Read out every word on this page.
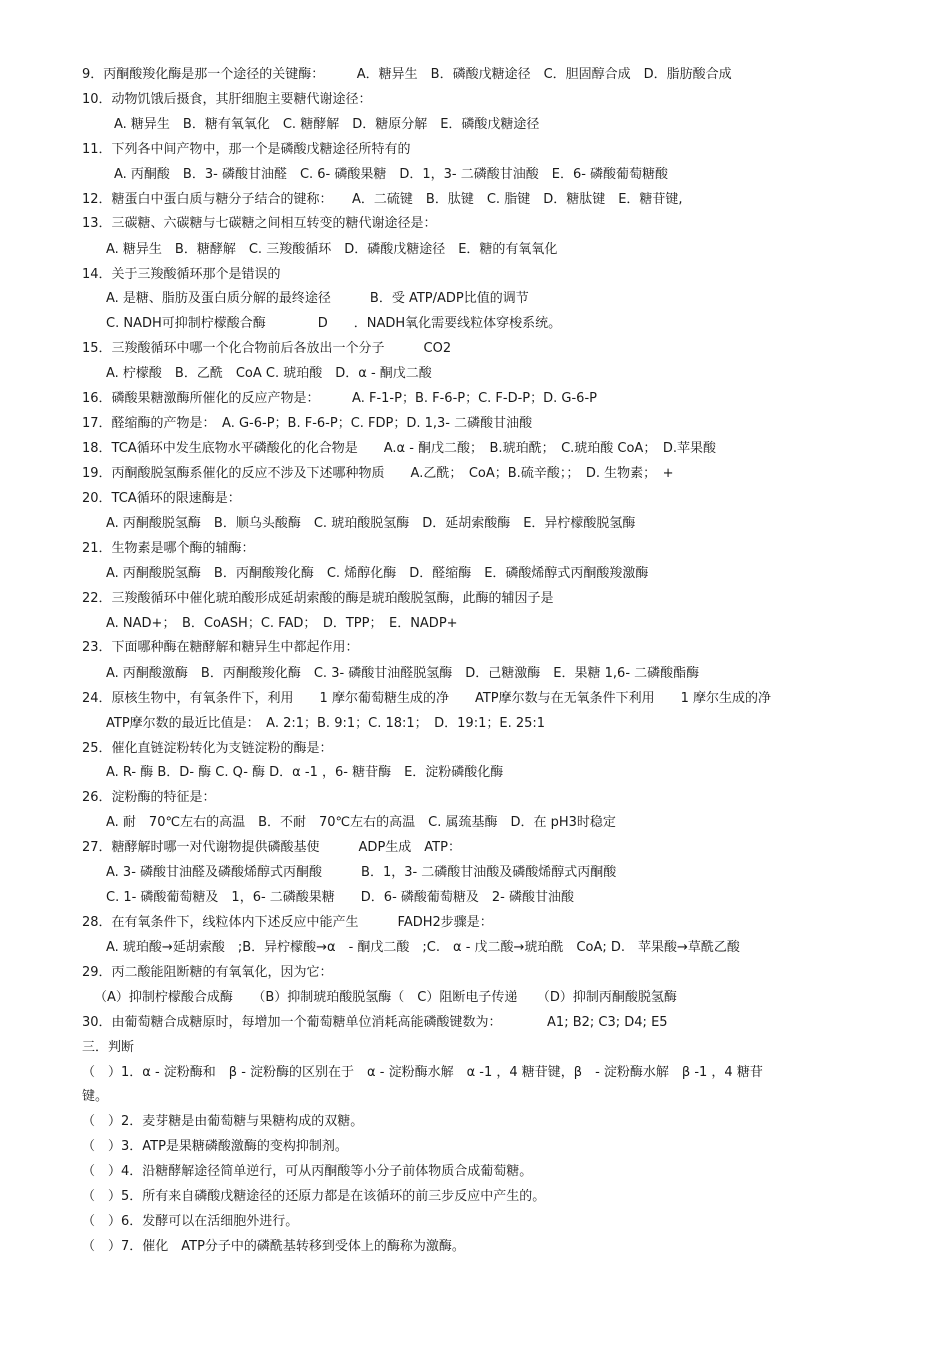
9．丙酮酸羧化酶是那一个途径的关键酶：　　　A．糖异生　B．磷酸戊糖途径　C．胆固醇合成　D．脂肪酸合成
10．动物饥饿后摄食，其肝细胞主要糖代谢途径：
A. 糖异生　B．糖有氧氧化　C. 糖酵解　D．糖原分解　E．磷酸戊糖途径
11．下列各中间产物中，那一个是磷酸戊糖途径所特有的
A. 丙酮酸　B．3- 磷酸甘油醛　C. 6- 磷酸果糖　D．1，3- 二磷酸甘油酸　E．6- 磷酸葡萄糖酸
12．糖蛋白中蛋白质与糖分子结合的键称：　　A．二硫键　B．肽键　C. 脂键　D．糖肽键　E．糖苷键,
13．三碳糖、六碳糖与七碳糖之间相互转变的糖代谢途径是：
A. 糖异生　B．糖酵解　C. 三羧酸循环　D．磷酸戊糖途径　E．糖的有氧氧化
14．关于三羧酸循环那个是错误的
A. 是糖、脂肪及蛋白质分解的最终途径　　　B．受 ATP/ADP比值的调节
C. NADH可抑制柠檬酸合酶　　　　D　　．NADH氧化需要线粒体穿梭系统。
15．三羧酸循环中哪一个化合物前后各放出一个分子　　　CO2
A. 柠檬酸　B．乙酰　CoA C. 琥珀酸　D．α - 酮戊二酸
16．磷酸果糖激酶所催化的反应产物是：　　　A. F-1-P；B. F-6-P；C. F-D-P；D. G-6-P
17．醛缩酶的产物是：　A. G-6-P；B. F-6-P；C. FDP；D. 1,3- 二磷酸甘油酸
18．TCA循环中发生底物水平磷酸化的化合物是　　A.α - 酮戊二酸；　B.琥珀酰；　C.琥珀酸 CoA；　D.苹果酸
19．丙酮酸脱氢酶系催化的反应不涉及下述哪种物质　　A.乙酰；　CoA；B.硫辛酸；；　D. 生物素；　+
20．TCA循环的限速酶是：
A. 丙酮酸脱氢酶　B．顺乌头酸酶　C. 琥珀酸脱氢酶　D．延胡索酸酶　E．异柠檬酸脱氢酶
21．生物素是哪个酶的辅酶：
A. 丙酮酸脱氢酶　B．丙酮酸羧化酶　C. 烯醇化酶　D．醛缩酶　E．磷酸烯醇式丙酮酸羧激酶
22．三羧酸循环中催化琥珀酸形成延胡索酸的酶是琥珀酸脱氢酶，此酶的辅因子是
A. NAD+；　B．CoASH；C. FAD；　D．TPP；　E．NADP+
23．下面哪种酶在糖酵解和糖异生中都起作用：
A. 丙酮酸激酶　B．丙酮酸羧化酶　C. 3- 磷酸甘油醛脱氢酶　D．己糖激酶　E．果糖 1,6- 二磷酸酯酶
24．原核生物中，有氧条件下，利用　　1 摩尔葡萄糖生成的净　　ATP摩尔数与在无氧条件下利用　　1 摩尔生成的净
ATP摩尔数的最近比值是：　A. 2:1；B. 9:1；C. 18:1；　D．19:1；E. 25:1
25．催化直链淀粉转化为支链淀粉的酶是：
A. R- 酶 B．D- 酶 C. Q- 酶 D．α -1 ，6- 糖苷酶　E．淀粉磷酸化酶
26．淀粉酶的特征是：
A. 耐　70℃左右的高温　B．不耐　70℃左右的高温　C. 属巯基酶　D．在 pH3时稳定
27．糖酵解时哪一对代谢物提供磷酸基使　　　ADP生成　ATP：
A. 3- 磷酸甘油醛及磷酸烯醇式丙酮酸　　　B．1，3- 二磷酸甘油酸及磷酸烯醇式丙酮酸
C. 1- 磷酸葡萄糖及　1，6- 二磷酸果糖　　D．6- 磷酸葡萄糖及　2- 磷酸甘油酸
28．在有氧条件下，线粒体内下述反应中能产生　　　FADH2步骤是：
A. 琥珀酸→延胡索酸　;B．异柠檬酸→α　- 酮戊二酸　;C.　α - 戊二酸→琥珀酰　CoA; D.　苹果酸→草酰乙酸
29．丙二酸能阻断糖的有氧氧化，因为它：
（A）抑制柠檬酸合成酶　　（B）抑制琥珀酸脱氢酶（　C）阻断电子传递　　（D）抑制丙酮酸脱氢酶
30．由葡萄糖合成糖原时，每增加一个葡萄糖单位消耗高能磷酸键数为：　　　　A1; B2; C3; D4; E5
三．判断
（　）1．α - 淀粉酶和　β - 淀粉酶的区别在于　α - 淀粉酶水解　α -1 ，4 糖苷键，β　- 淀粉酶水解　β -1 ，4 糖苷
键。
（　）2．麦芽糖是由葡萄糖与果糖构成的双糖。
（　）3．ATP是果糖磷酸激酶的变构抑制剂。
（　）4．沿糖酵解途径简单逆行，可从丙酮酸等小分子前体物质合成葡萄糖。
（　）5．所有来自磷酸戊糖途径的还原力都是在该循环的前三步反应中产生的。
（　）6．发酵可以在活细胞外进行。
（　）7．催化　ATP分子中的磷酰基转移到受体上的酶称为激酶。
